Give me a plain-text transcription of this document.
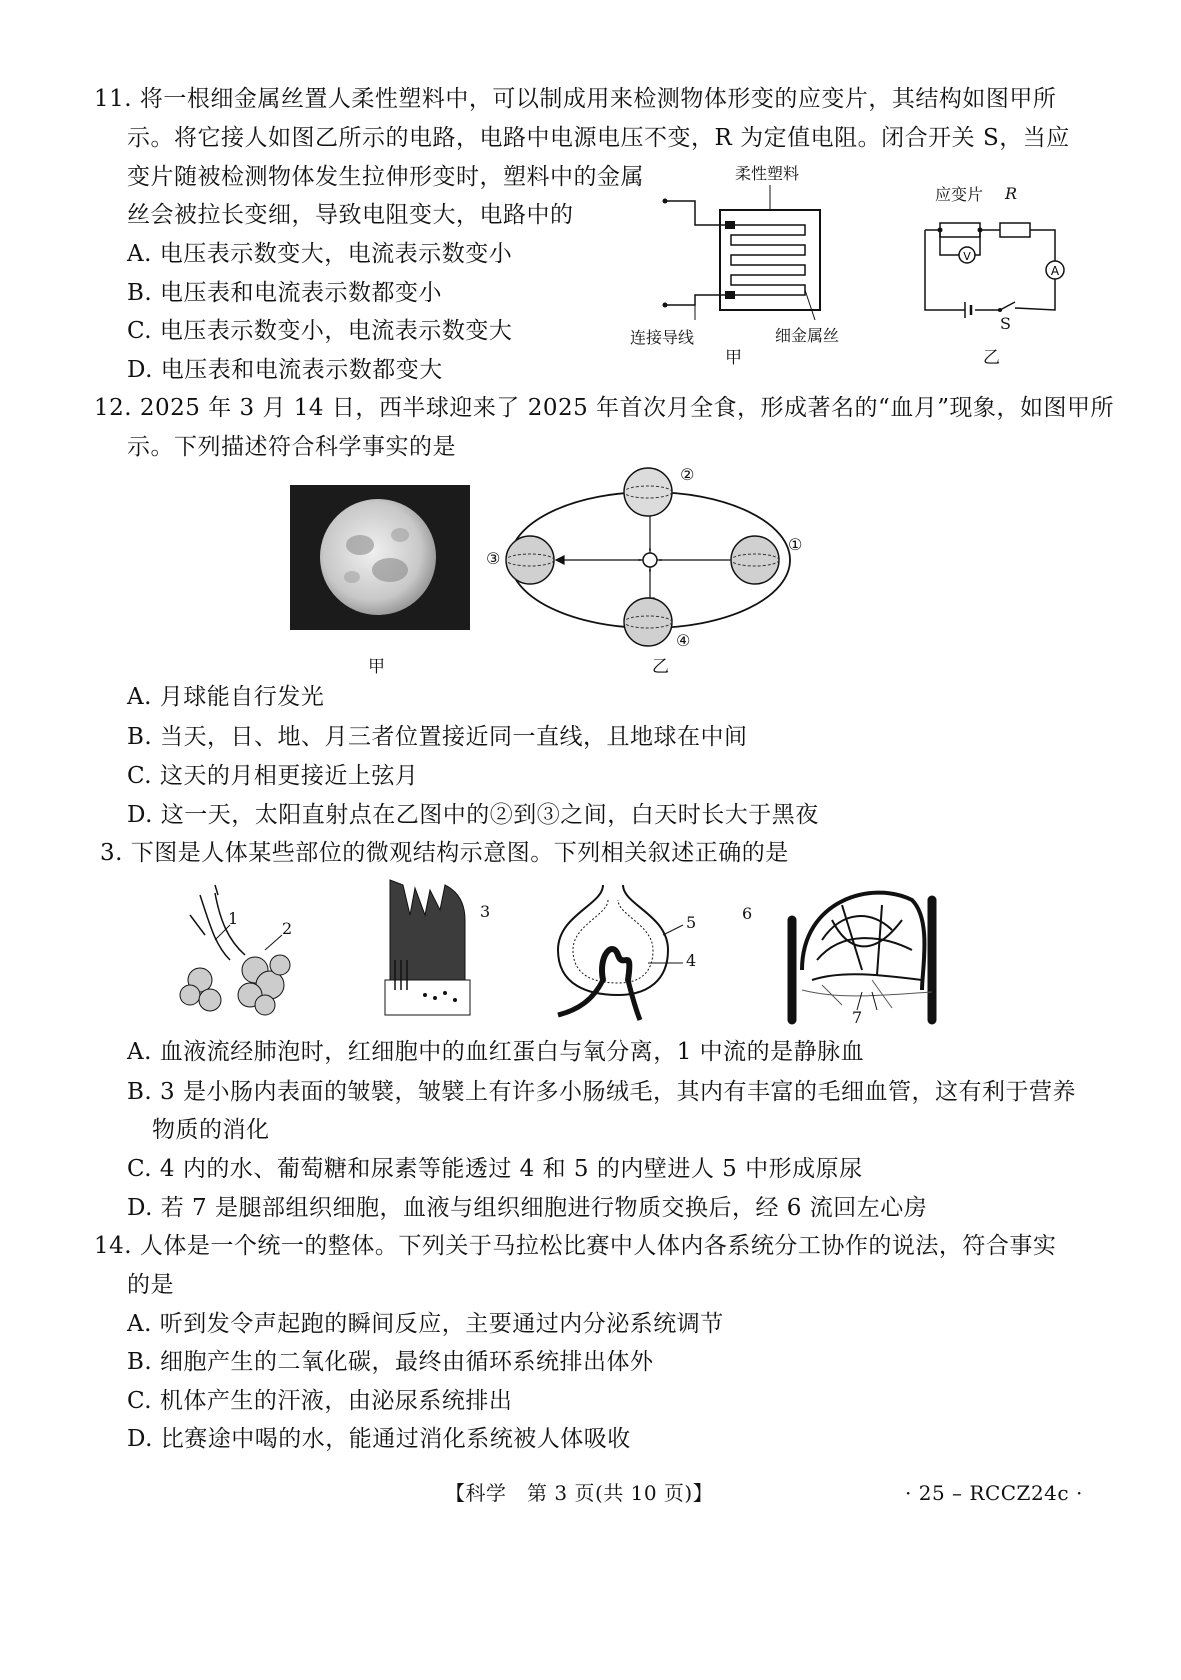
11. 将一根细金属丝置人柔性塑料中，可以制成用来检测物体形变的应变片，其结构如图甲所
示。将它接人如图乙所示的电路，电路中电源电压不变，R 为定值电阻。闭合开关 S，当应
变片随被检测物体发生拉伸形变时，塑料中的金属
丝会被拉长变细，导致电阻变大，电路中的
A. 电压表示数变大，电流表示数变小
B. 电压表和电流表示数都变小
C. 电压表示数变小，电流表示数变大
D. 电压表和电流表示数都变大
柔性塑料
连接导线	细金属丝
甲
V
A
应变片 R
S
乙
12. 2025 年 3 月 14 日，西半球迎来了 2025 年首次月全食，形成著名的“血月”现象，如图甲所
示。下列描述符合科学事实的是
甲
①
②
③
④
乙
A. 月球能自行发光
B. 当天，日、地、月三者位置接近同一直线，且地球在中间
C. 这天的月相更接近上弦月
D. 这一天，太阳直射点在乙图中的②到③之间，白天时长大于黑夜
3. 下图是人体某些部位的微观结构示意图。下列相关叙述正确的是
1
2
3
5
4
6
7
A. 血液流经肺泡时，红细胞中的血红蛋白与氧分离，1 中流的是静脉血
B. 3 是小肠内表面的皱襞，皱襞上有许多小肠绒毛，其内有丰富的毛细血管，这有利于营养
物质的消化
C. 4 内的水、葡萄糖和尿素等能透过 4 和 5 的内壁进人 5 中形成原尿
D. 若 7 是腿部组织细胞，血液与组织细胞进行物质交换后，经 6 流回左心房
14. 人体是一个统一的整体。下列关于马拉松比赛中人体内各系统分工协作的说法，符合事实
的是
A. 听到发令声起跑的瞬间反应，主要通过内分泌系统调节
B. 细胞产生的二氧化碳，最终由循环系统排出体外
C. 机体产生的汗液，由泌尿系统排出
D. 比赛途中喝的水，能通过消化系统被人体吸收
【科学　第 3 页(共 10 页)】	· 25 – RCCZ24c ·
